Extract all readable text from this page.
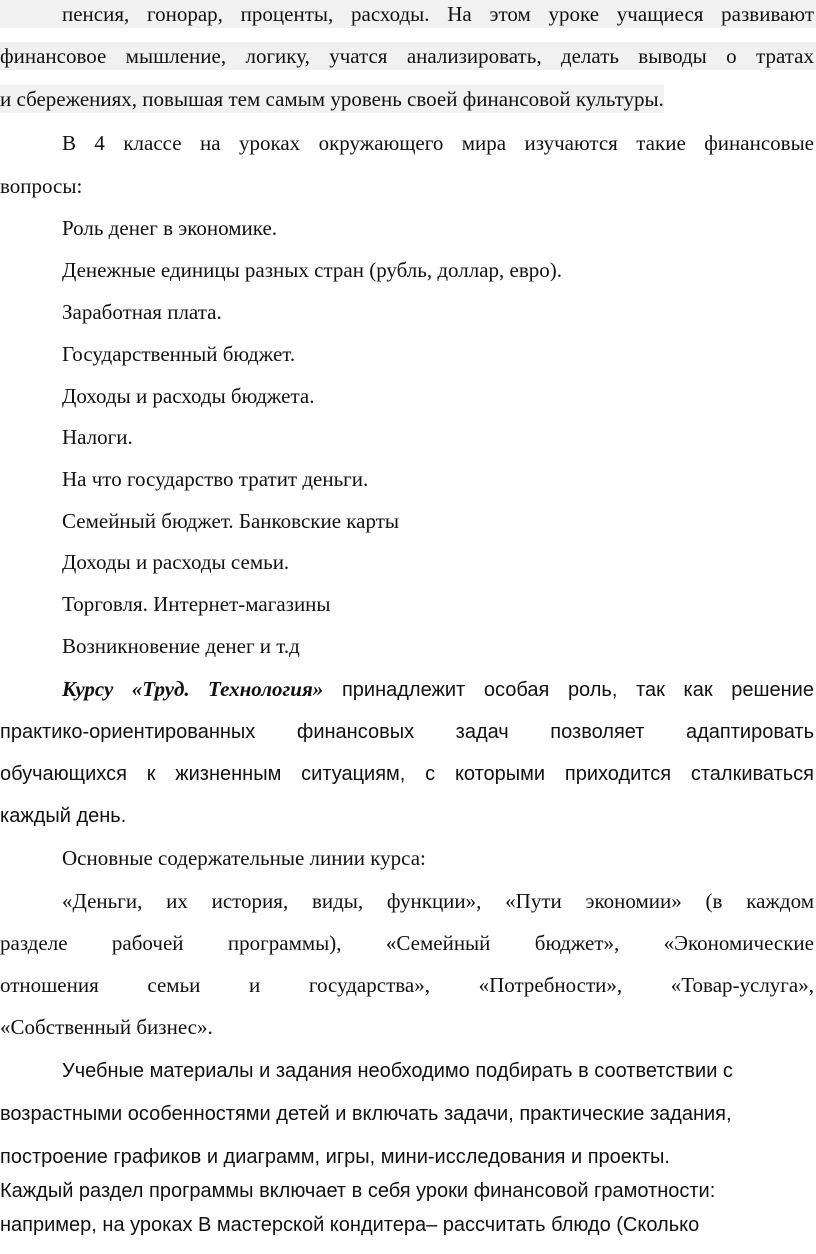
пенсия, гонорар, проценты, расходы. На этом уроке учащиеся развивают
финансовое мышление, логику, учатся анализировать, делать выводы о тратах
и сбережениях, повышая тем самым уровень своей финансовой культуры.
В 4 классе на уроках окружающего мира изучаются такие финансовые
вопросы:
Роль денег в экономике.
Денежные единицы разных стран (рубль, доллар, евро).
Заработная плата.
Государственный бюджет.
Доходы и расходы бюджета.
Налоги.
На что государство тратит деньги.
Семейный бюджет. Банковские карты
Доходы и расходы семьи.
Торговля. Интернет-магазины
Возникновение денег и т.д
Курсу «Труд. Технология» принадлежит особая роль, так как решение
практико-ориентированных финансовых задач позволяет адаптировать
обучающихся к жизненным ситуациям, с которыми приходится сталкиваться
каждый день.
Основные содержательные линии курса:
«Деньги, их история, виды, функции», «Пути экономии» (в каждом
разделе рабочей программы), «Семейный бюджет», «Экономические
отношения семьи и государства», «Потребности», «Товар-услуга»,
«Собственный бизнес».
Учебные материалы и задания необходимо подбирать в соответствии с
возрастными особенностями детей и включать задачи, практические задания,
построение графиков и диаграмм, игры, мини-исследования и проекты.
Каждый раздел программы включает в себя уроки финансовой грамотности:
например, на уроках В мастерской кондитера– рассчитать блюдо (Сколько
